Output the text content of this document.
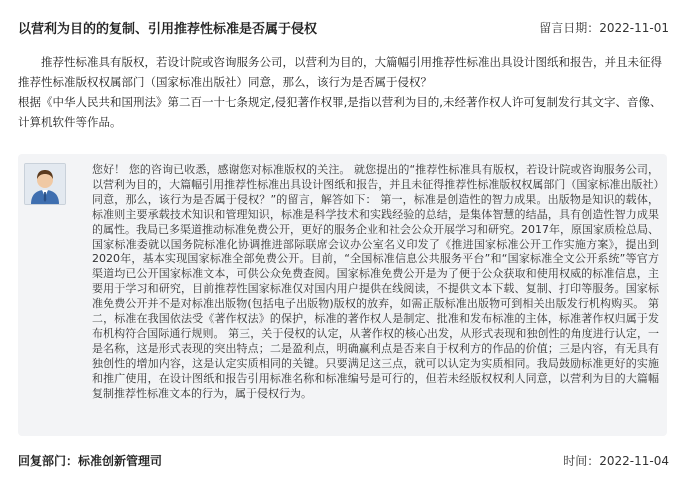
以营利为目的的复制、引用推荐性标准是否属于侵权	留言日期：2022-11-01

推荐性标准具有版权，若设计院或咨询服务公司，以营利为目的，大篇幅引用推荐性标准出具设计图纸和报告，并且未征得推荐性标准版权权属部门（国家标准出版社）同意，那么，该行为是否属于侵权？

根据《中华人民共和国刑法》第二百一十七条规定,侵犯著作权罪,是指以营利为目的,未经著作权人许可复制发行其文字、音像、计算机软件等作品。

您好！ 您的咨询已收悉，感谢您对标准版权的关注。 就您提出的“推荐性标准具有版权，若设计院或咨询服务公司，以营利为目的，大篇幅引用推荐性标准出具设计图纸和报告，并且未征得推荐性标准版权权属部门（国家标准出版社）同意，那么，该行为是否属于侵权？”的留言，解答如下： 第一，标准是创造性的智力成果。出版物是知识的载体，标准则主要承载技术知识和管理知识，标准是科学技术和实践经验的总结，是集体智慧的结晶，具有创造性智力成果的属性。我局已多渠道推动标准免费公开，更好的服务企业和社会公众开展学习和研究。2017年，原国家质检总局、国家标准委就以国务院标准化协调推进部际联席会议办公室名义印发了《推进国家标准公开工作实施方案》，提出到2020年，基本实现国家标准全部免费公开。目前，“全国标准信息公共服务平台”和“国家标准全文公开系统”等官方渠道均已公开国家标准文本，可供公众免费查阅。国家标准免费公开是为了便于公众获取和使用权威的标准信息，主要用于学习和研究，目前推荐性国家标准仅对国内用户提供在线阅读，不提供文本下载、复制、打印等服务。国家标准免费公开并不是对标准出版物(包括电子出版物)版权的放弃，如需正版标准出版物可到相关出版发行机构购买。 第二，标准在我国依法受《著作权法》的保护，标准的著作权人是制定、批准和发布标准的主体，标准著作权归属于发布机构符合国际通行规则。 第三，关于侵权的认定，从著作权的核心出发，从形式表现和独创性的角度进行认定，一是名称，这是形式表现的突出特点；二是盈利点，明确赢利点是否来自于权利方的作品的价值；三是内容，有无具有独创性的增加内容，这是认定实质相同的关键。只要满足这三点，就可以认定为实质相同。我局鼓励标准更好的实施和推广使用，在设计图纸和报告引用标准名称和标准编号是可行的，但若未经版权权利人同意，以营利为目的大篇幅复制推荐性标准文本的行为，属于侵权行为。
回复部门：标准创新管理司	时间：2022-11-04
